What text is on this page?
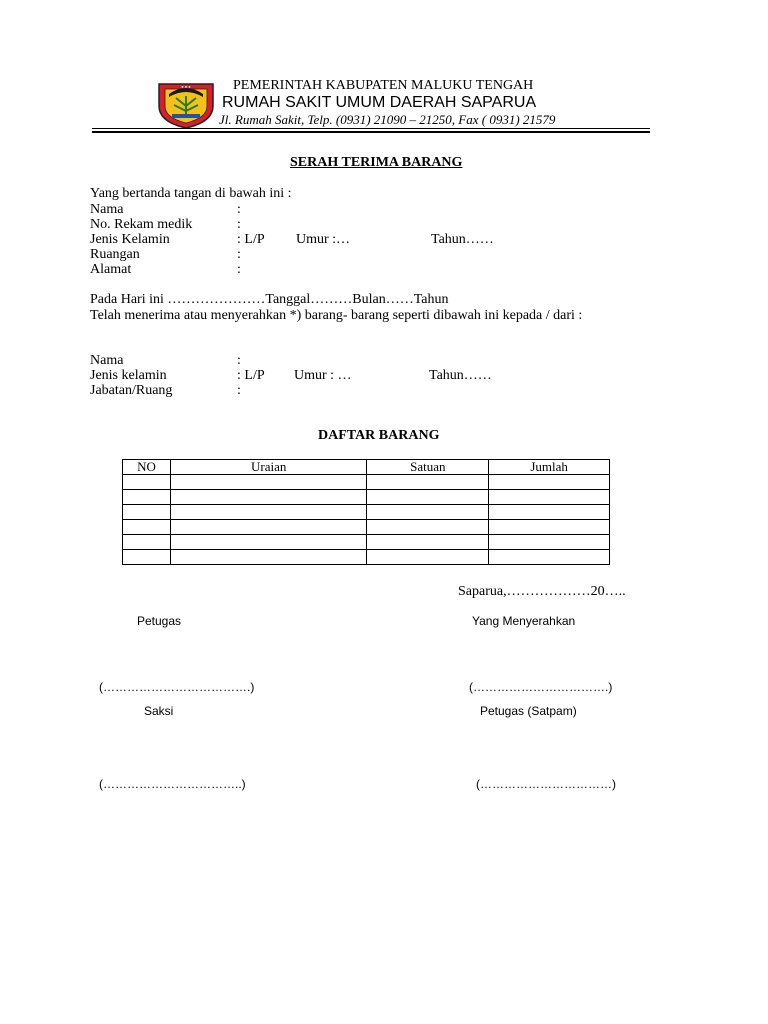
● ● ●	PEMERINTAH KABUPATEN MALUKU TENGAH
RUMAH SAKIT UMUM DAERAH SAPARUA
Jl. Rumah Sakit, Telp. (0931) 21090 – 21250, Fax ( 0931) 21579
SERAH TERIMA BARANG
Yang bertanda tangan di bawah ini :
Nama	:
No. Rekam medik	:
Jenis Kelamin	: L/P Umur :…	Tahun……
Ruangan	:
Alamat	:
Pada Hari ini …………………Tanggal………Bulan……Tahun
Telah menerima atau menyerahkan *) barang- barang seperti dibawah ini kepada / dari :
Nama	:
Jenis kelamin	: L/P Umur : …	Tahun……
Jabatan/Ruang	:
DAFTAR BARANG
NO	Uraian	Satuan	Jumlah

Saparua,………………20…..
Petugas	Yang Menyerahkan
(……………………………….)	(…………………………….)
Saksi	Petugas (Satpam)
(……………………………..)	(……………………………)
